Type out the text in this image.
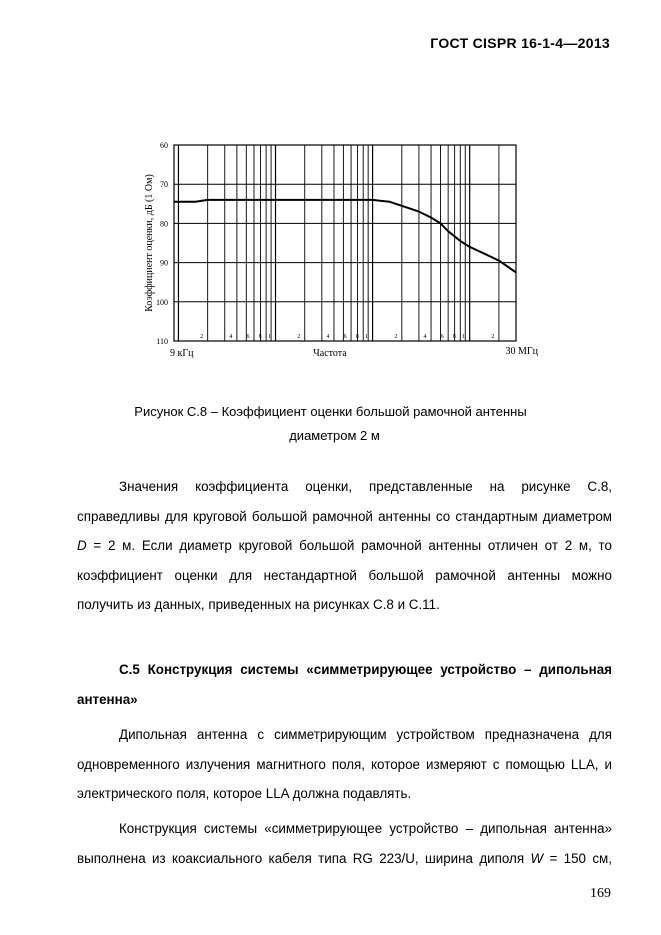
ГОСТ CISPR 16-1-4—2013
60
70
80
90
100
110	2	4 6 8 1	2	4 6 8 1	2	4 6 8 1	2
9 кГц	30 МГц
Частота
Коэффициент оценки, дБ (1 Ом)
Рисунок С.8 – Коэффициент оценки большой рамочной антенны
диаметром 2 м
Значения коэффициента оценки, представленные на рисунке С.8,
справедливы для круговой большой рамочной антенны со стандартным диаметром
D = 2 м. Если диаметр круговой большой рамочной антенны отличен от 2 м, то
коэффициент оценки для нестандартной большой рамочной антенны можно
получить из данных, приведенных на рисунках С.8 и С.11.
С.5 Конструкция системы «симметрирующее устройство – дипольная
антенна»
Дипольная антенна с симметрирующим устройством предназначена для
одновременного излучения магнитного поля, которое измеряют с помощью LLA, и
электрического поля, которое LLA должна подавлять.
Конструкция системы «симметрирующее устройство – дипольная антенна»
выполнена из коаксиального кабеля типа RG 223/U, ширина диполя W = 150 см,
169
